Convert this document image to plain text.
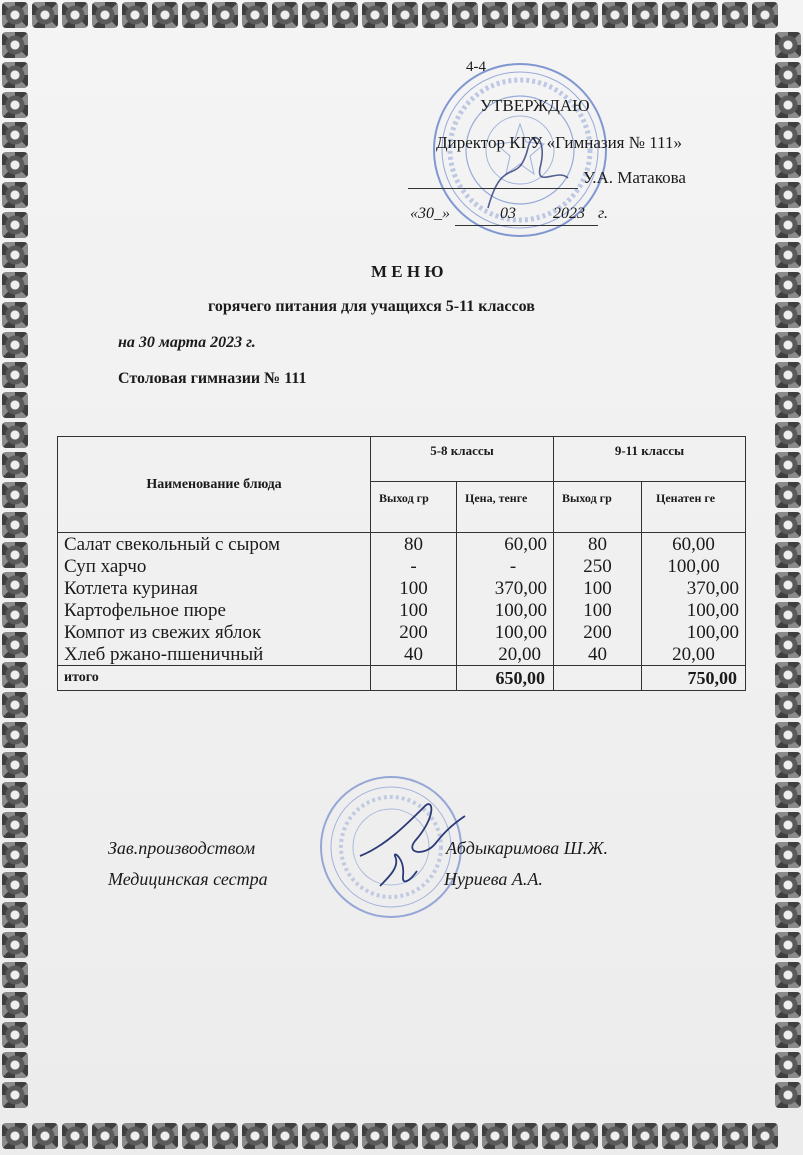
4-4
УТВЕРЖДАЮ
Директор КГУ «Гимназия № 111»
У.А. Матакова
«30_»	03 2023 г.
М Е Н Ю
горячего питания для учащихся 5-11 классов
на 30 марта 2023 г.
Столовая гимназии № 111
Наименование блюда	5-8 классы		9-11 классы	
	Выход гр	Цена, тенге	Выход гр	Ценатен ге
Салат свекольный с сыром	80	60,00	80	60,00
Суп харчо	-	-	250	100,00
Котлета куриная	100	370,00	100	370,00
Картофельное пюре	100	100,00	100	100,00
Компот из свежих яблок	200	100,00	200	100,00
Хлеб ржано-пшеничный	40	20,00	40	20,00
итого		650,00		750,00
Зав.производством	Абдыкаримова Ш.Ж.
Медицинская сестра	Нуриева А.А.
